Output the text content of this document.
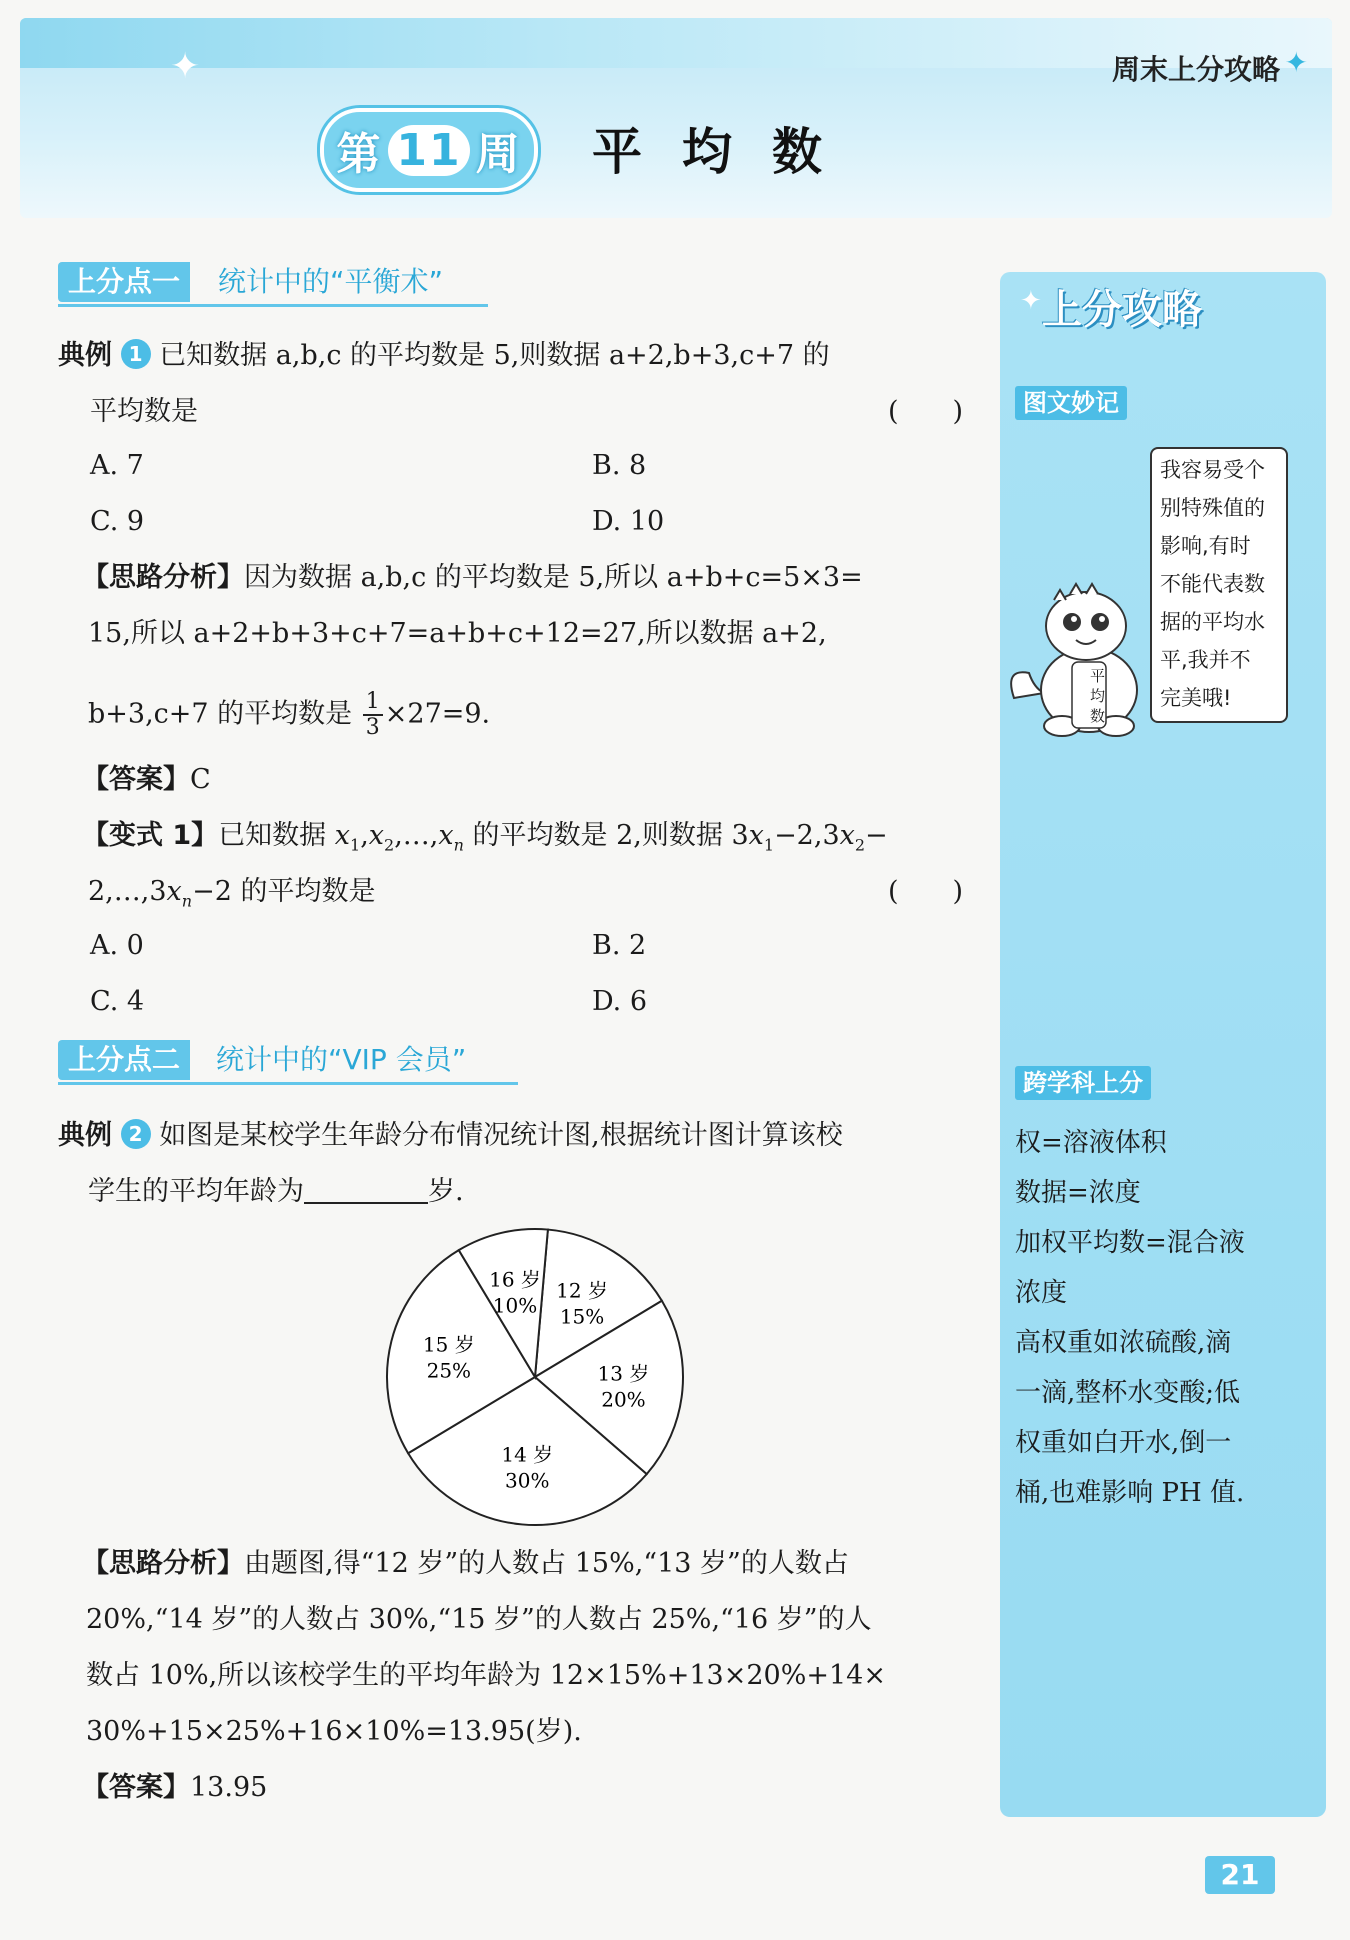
✦	周末上分攻略 ✦
第 11 周 平均数
上分点一	统计中的“平衡术”
典例 1 已知数据 a,b,c 的平均数是 5,则数据 a+2,b+3,c+7 的
平均数是	(　　)
A. 7	B. 8
C. 9	D. 10
【思路分析】因为数据 a,b,c 的平均数是 5,所以 a+b+c=5×3=
15,所以 a+2+b+3+c+7=a+b+c+12=27,所以数据 a+2,
b+3,c+7 的平均数是 $\frac{1}{3} \times 27=9$.
【答案】C
【变式 1】已知数据 $x_1,x_2,\dots,x_n$ 的平均数是 2,则数据 $3x_1-2,3x_2-$
$2,\dots,3x_n-2$ 的平均数是	(　　)
A. 0	B. 2
C. 4	D. 6
上分点二	统计中的“VIP 会员”
典例 2 如图是某校学生年龄分布情况统计图,根据统计图计算该校
学生的平均年龄为	岁.
12 岁
15%
13 岁
20%
14 岁
30%
15 岁
25%
16 岁
10%
【思路分析】由题图,得“12 岁”的人数占 15%,“13 岁”的人数占
20%,“14 岁”的人数占 30%,“15 岁”的人数占 25%,“16 岁”的人
数占 10%,所以该校学生的平均年龄为 12×15%+13×20%+14×
30%+15×25%+16×10%=13.95(岁).
【答案】13.95
✦ 上分攻略
图文妙记
我容易受个
别特殊值的
影响,有时
不能代表数
据的平均水
平,我并不
完美哦!
平
均
数
跨学科上分
权=溶液体积
数据=浓度
加权平均数=混合液
浓度
高权重如浓硫酸,滴
一滴,整杯水变酸;低
权重如白开水,倒一
桶,也难影响 PH 值.
21
